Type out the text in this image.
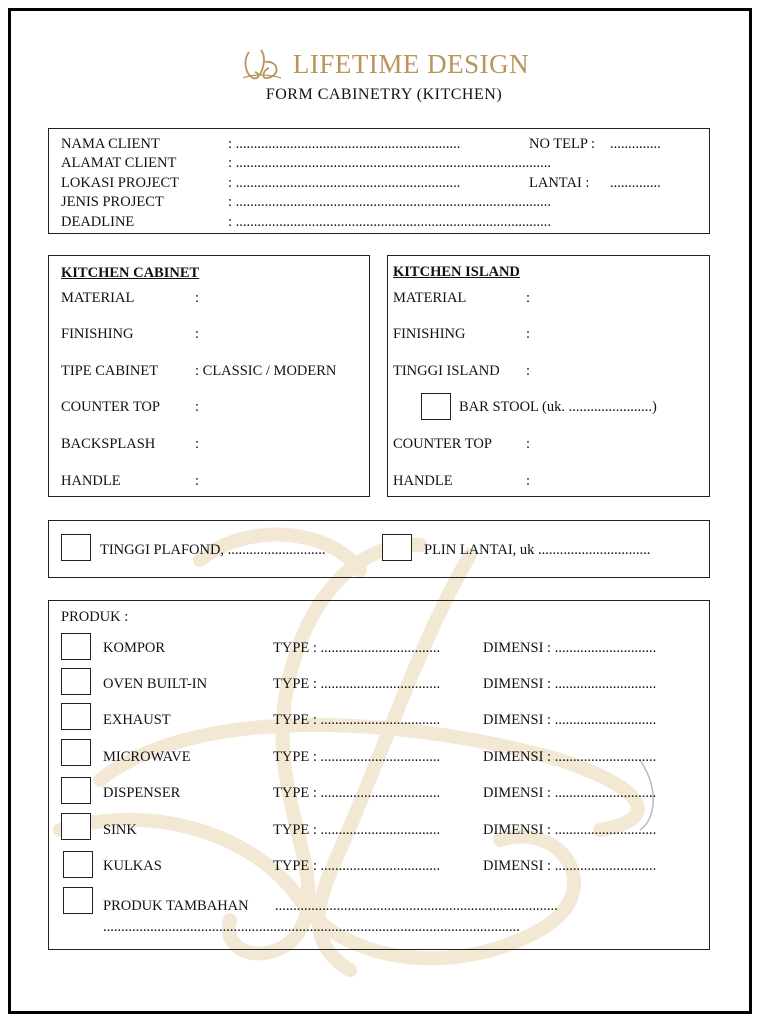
LIFETIME DESIGN
FORM CABINETRY (KITCHEN)
NAMA CLIENT	: ..............................................................	NO TELP : ..............
ALAMAT CLIENT	: .......................................................................................
LOKASI PROJECT	: ..............................................................	LANTAI : ..............
JENIS PROJECT	: .......................................................................................
DEADLINE	: .......................................................................................
KITCHEN CABINET
MATERIAL	:
FINISHING	:
TIPE CABINET	: CLASSIC / MODERN
COUNTER TOP :
BACKSPLASH	:
HANDLE	:
KITCHEN ISLAND
MATERIAL	:
FINISHING	:
TINGGI ISLAND :
BAR STOOL (uk. .......................)
COUNTER TOP :
HANDLE	:
TINGGI PLAFOND, ...........................	PLIN LANTAI, uk ...............................
PRODUK :
KOMPOR	TYPE : .................................	DIMENSI : ............................
OVEN BUILT-IN	TYPE : .................................	DIMENSI : ............................
EXHAUST	TYPE : .................................	DIMENSI : ............................
MICROWAVE	TYPE : .................................	DIMENSI : ............................
DISPENSER	TYPE : .................................	DIMENSI : ............................
SINK	TYPE : .................................	DIMENSI : ............................
KULKAS	TYPE : .................................	DIMENSI : ............................
PRODUK TAMBAHAN ..............................................................................
...................................................................................................................
